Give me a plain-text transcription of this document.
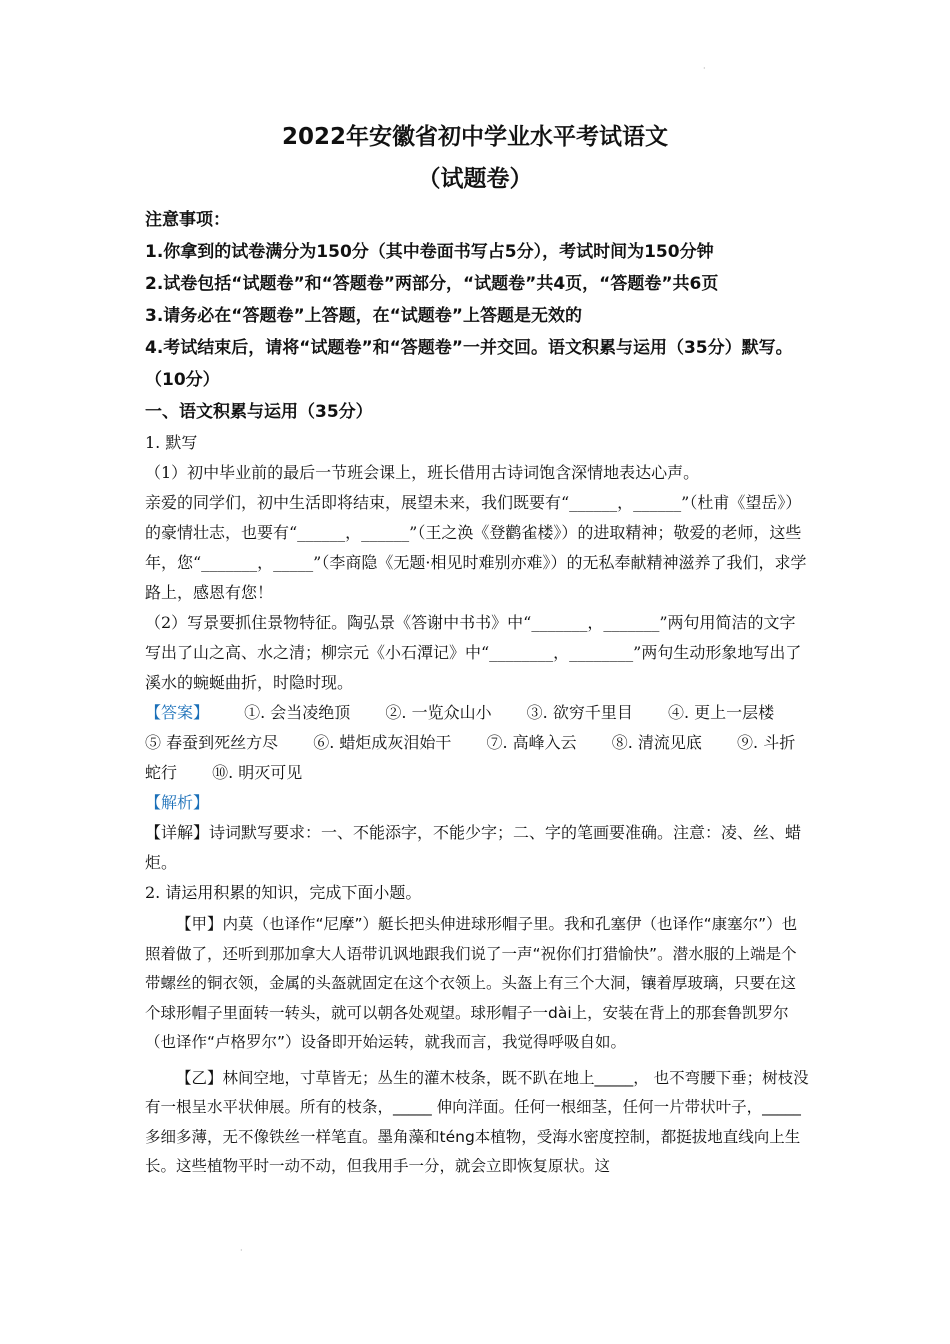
·
·
2022年安徽省初中学业水平考试语文
（试题卷）

注意事项：

1.你拿到的试卷满分为150分（其中卷面书写占5分），考试时间为150分钟

2.试卷包括“试题卷”和“答题卷”两部分，“试题卷”共4页，“答题卷”共6页

3.请务必在“答题卷”上答题，在“试题卷”上答题是无效的

4.考试结束后，请将“试题卷”和“答题卷”一并交回。语文积累与运用（35分）默写。（10分）

一、语文积累与运用（35分）

1. 默写

（1）初中毕业前的最后一节班会课上，班长借用古诗词饱含深情地表达心声。

亲爱的同学们，初中生活即将结束，展望未来，我们既要有“______，______”（杜甫《望岳》）的豪情壮志，也要有“______，______”（王之涣《登鹳雀楼》）的进取精神；敬爱的老师，这些年，您“_______，_____”（李商隐《无题·相见时难别亦难》）的无私奉献精神滋养了我们，求学路上，感恩有您！

（2）写景要抓住景物特征。陶弘景《答谢中书书》中“_______，_______”两句用简洁的文字写出了山之高、水之清；柳宗元《小石潭记》中“________，________”两句生动形象地写出了溪水的蜿蜒曲折，时隐时现。

【答案】 ①. 会当凌绝顶 ②. 一览众山小 ③. 欲穷千里目 ④. 更上一层楼 ⑤ 春蚕到死丝方尽 ⑥. 蜡炬成灰泪始干 ⑦. 高峰入云 ⑧. 清流见底 ⑨. 斗折蛇行 ⑩. 明灭可见

【解析】

【详解】诗词默写要求：一、不能添字，不能少字；二、字的笔画要准确。注意：凌、丝、蜡炬。

2. 请运用积累的知识，完成下面小题。

【甲】内莫（也译作“尼摩”）艇长把头伸进球形帽子里。我和孔塞伊（也译作“康塞尔”）也照着做了，还听到那加拿大人语带讥讽地跟我们说了一声“祝你们打猎愉快”。潜水服的上端是个带螺丝的铜衣领，金属的头盔就固定在这个衣领上。头盔上有三个大洞，镶着厚玻璃，只要在这个球形帽子里面转一转头，就可以朝各处观望。球形帽子一dài上，安装在背上的那套鲁凯罗尔（也译作“卢格罗尔”）设备即开始运转，就我而言，我觉得呼吸自如。

【乙】林间空地，寸草皆无；丛生的灌木枝条，既不趴在地上_____， 也不弯腰下垂；树枝没有一根呈水平状伸展。所有的枝条，_____ 伸向洋面。任何一根细茎，任何一片带状叶子，_____多细多薄，无不像铁丝一样笔直。墨角藻和téng本植物，受海水密度控制，都挺拔地直线向上生长。这些植物平时一动不动，但我用手一分，就会立即恢复原状。这
